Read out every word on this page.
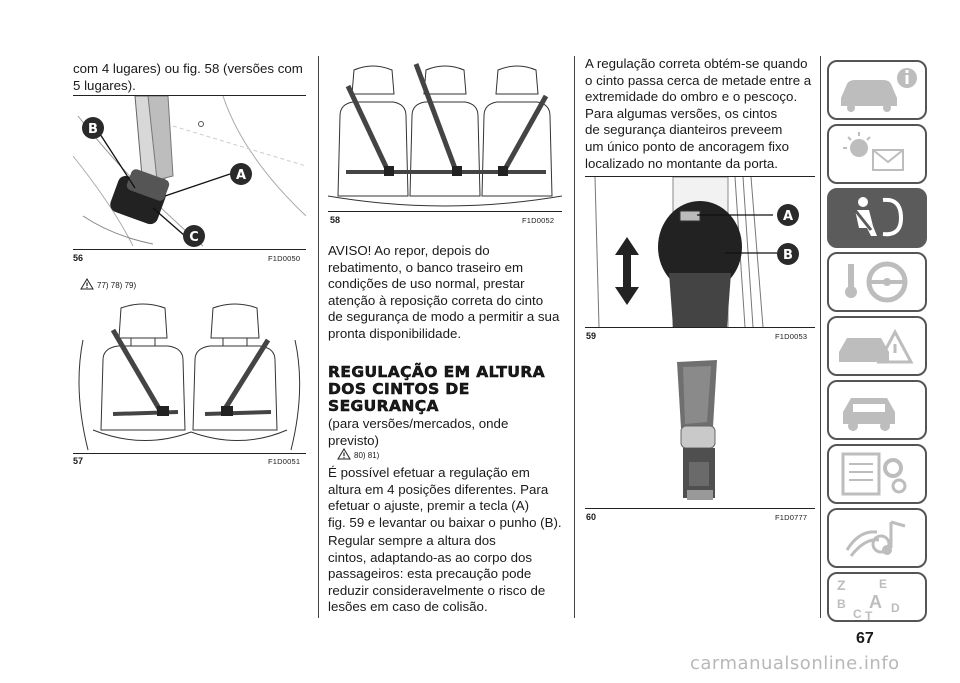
com 4 lugares) ou fig. 58 (versões com
5 lugares).
B
A
C
56	F1D0050
77) 78) 79)
57	F1D0051
58	F1D0052
AVISO! Ao repor, depois do
rebatimento, o banco traseiro em
condições de uso normal, prestar
atenção à reposição correta do cinto
de segurança de modo a permitir a sua
pronta disponibilidade.
REGULAÇÃO EM ALTURA
DOS CINTOS DE
SEGURANÇA
(para versões/mercados, onde
previsto)
80) 81)
É possível efetuar a regulação em
altura em 4 posições diferentes. Para
efetuar o ajuste, premir a tecla (A)
fig. 59 e levantar ou baixar o punho (B).
Regular sempre a altura dos
cintos, adaptando-as ao corpo dos
passageiros: esta precaução pode
reduzir consideravelmente o risco de
lesões em caso de colisão.
A regulação correta obtém-se quando
o cinto passa cerca de metade entre a
extremidade do ombro e o pescoço.
Para algumas versões, os cintos
de segurança dianteiros preveem
um único ponto de ancoragem fixo
localizado no montante da porta.
A
B
59	F1D0053
60	F1D0777
Z	E
B A
C T
D
67
carmanualsonline.info
